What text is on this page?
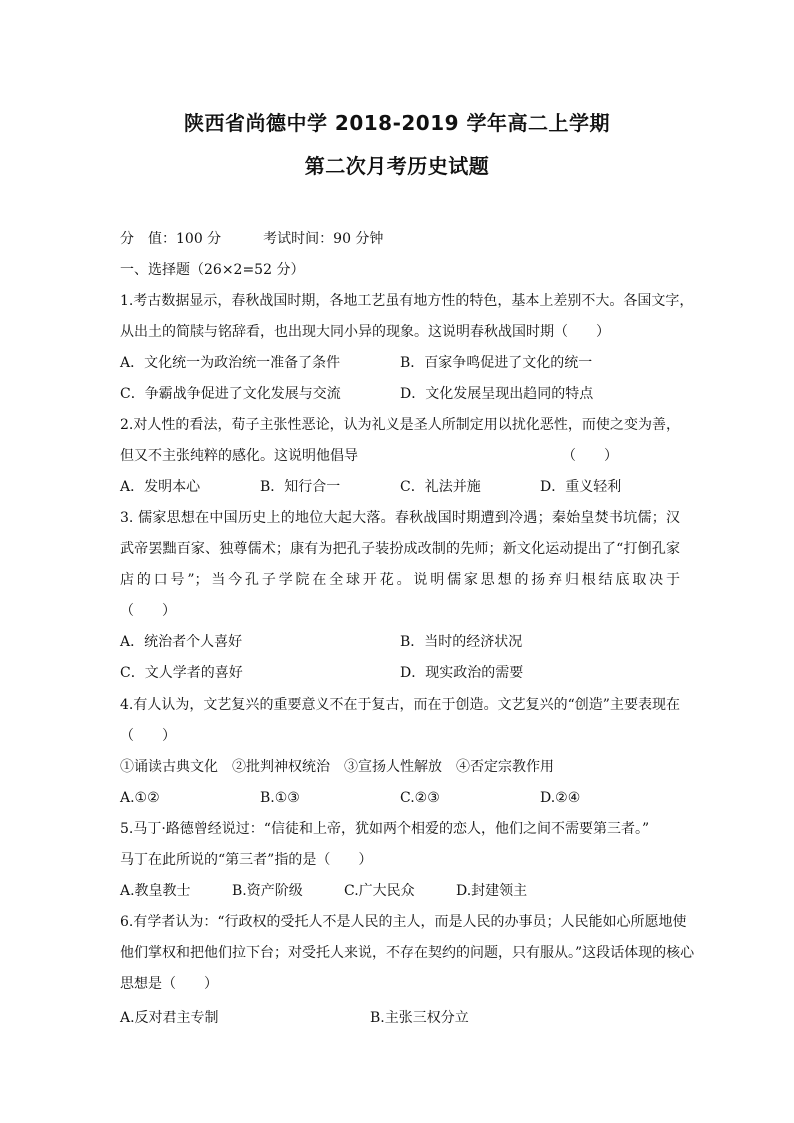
陕西省尚德中学 2018-2019 学年高二上学期
第二次月考历史试题
分　值：100 分　　　考试时间：90 分钟
一、选择题（26×2=52 分）
1.考古数据显示，春秋战国时期，各地工艺虽有地方性的特色，基本上差别不大。各国文字，
从出土的简牍与铭辞看，也出现大同小异的现象。这说明春秋战国时期（　　）
A．文化统一为政治统一准备了条件	B．百家争鸣促进了文化的统一
C．争霸战争促进了文化发展与交流	D．文化发展呈现出趋同的特点
2.对人性的看法，荀子主张性恶论，认为礼义是圣人所制定用以扰化恶性，而使之变为善，
但又不主张纯粹的感化。这说明他倡导	（　　）
A．发明本心	B．知行合一	C．礼法并施	D．重义轻利
3. 儒家思想在中国历史上的地位大起大落。春秋战国时期遭到冷遇；秦始皇焚书坑儒；汉
武帝罢黜百家、独尊儒术；康有为把孔子装扮成改制的先师；新文化运动提出了“打倒孔家
店的口号”；当今孔子学院在全球开花。说明儒家思想的扬弃归根结底取决于
（　　）
A．统治者个人喜好	B．当时的经济状况
C．文人学者的喜好	D．现实政治的需要
4.有人认为，文艺复兴的重要意义不在于复古，而在于创造。文艺复兴的“创造”主要表现在
（　　）
①诵读古典文化　②批判神权统治　③宣扬人性解放　④否定宗教作用
A.①②	B.①③	C.②③	D.②④
5.马丁·路德曾经说过：“信徒和上帝，犹如两个相爱的恋人，他们之间不需要第三者。”
马丁在此所说的“第三者”指的是（　　）
A.教皇教士	B.资产阶级	C.广大民众	D.封建领主
6.有学者认为：“行政权的受托人不是人民的主人，而是人民的办事员；人民能如心所愿地使
他们掌权和把他们拉下台；对受托人来说，不存在契约的问题，只有服从。”这段话体现的核心
思想是（　　）
A.反对君主专制	B.主张三权分立
